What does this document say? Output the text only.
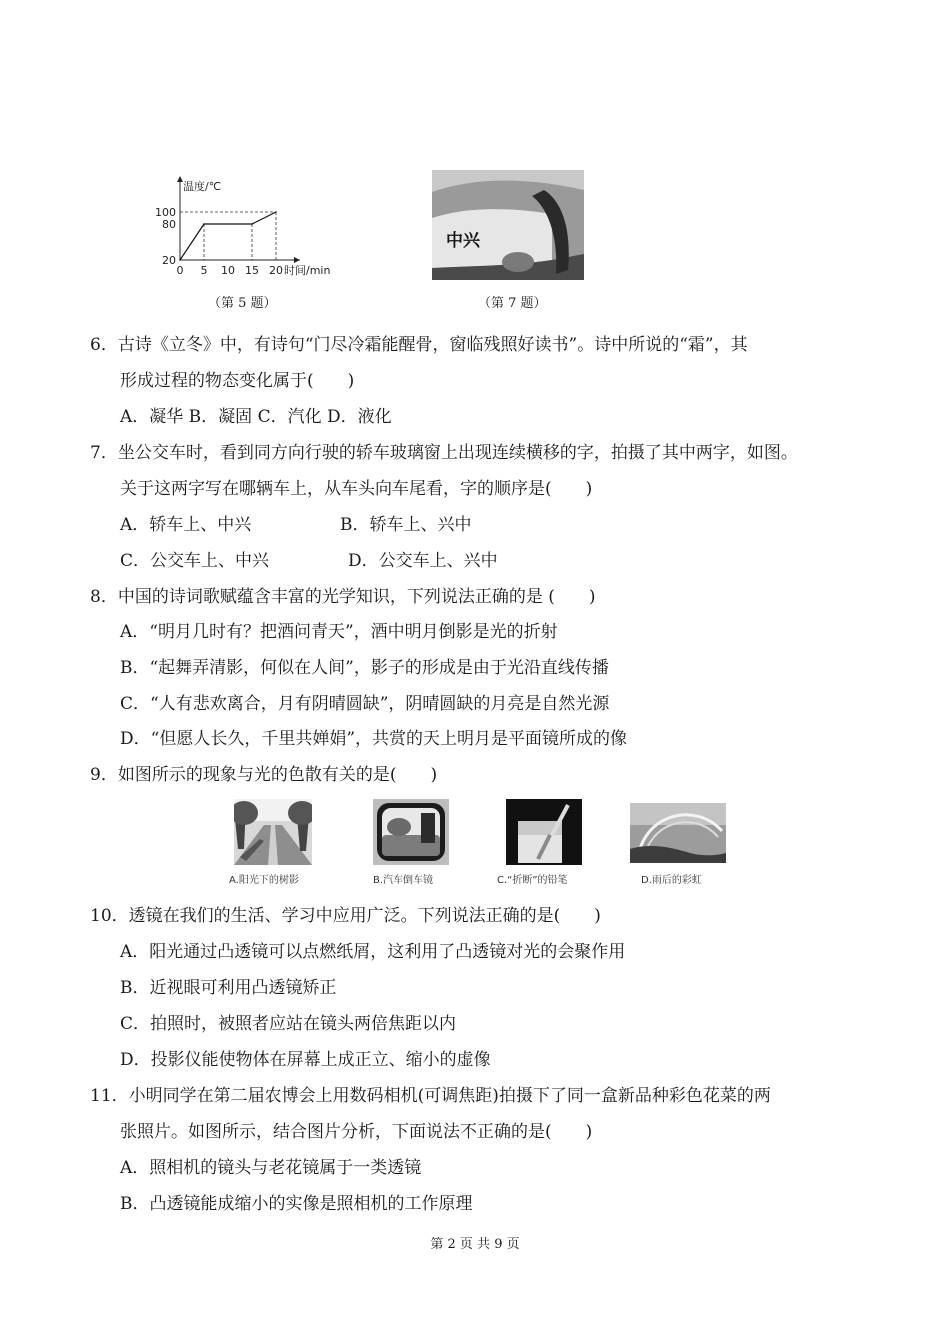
温度/℃
时间/min
0 5 10 15 20
20
80
100
（第 5 题）
中兴
（第 7 题）
6．古诗《立冬》中，有诗句“门尽冷霜能醒骨，窗临残照好读书”。诗中所说的“霜”，其
形成过程的物态变化属于(　　)
A．凝华 B．凝固 C．汽化 D．液化
7．坐公交车时，看到同方向行驶的轿车玻璃窗上出现连续横移的字，拍摄了其中两字，如图。
关于这两字写在哪辆车上，从车头向车尾看，字的顺序是(　　)
A．轿车上、中兴	B．轿车上、兴中
C．公交车上、中兴	D．公交车上、兴中
8．中国的诗词歌赋蕴含丰富的光学知识，下列说法正确的是 (　　)
A．“明月几时有？把酒问青天”，酒中明月倒影是光的折射
B．“起舞弄清影，何似在人间”，影子的形成是由于光沿直线传播
C．“人有悲欢离合，月有阴晴圆缺”，阴晴圆缺的月亮是自然光源
D．“但愿人长久，千里共婵娟”，共赏的天上明月是平面镜所成的像
9．如图所示的现象与光的色散有关的是(　　)
A.阳光下的树影	B.汽车倒车镜	C.“折断”的铅笔	D.雨后的彩虹
10．透镜在我们的生活、学习中应用广泛。下列说法正确的是(　　)
A．阳光通过凸透镜可以点燃纸屑，这利用了凸透镜对光的会聚作用
B．近视眼可利用凸透镜矫正
C．拍照时，被照者应站在镜头两倍焦距以内
D．投影仪能使物体在屏幕上成正立、缩小的虚像
11．小明同学在第二届农博会上用数码相机(可调焦距)拍摄下了同一盒新品种彩色花菜的两
张照片。如图所示，结合图片分析，下面说法不正确的是(　　)
A．照相机的镜头与老花镜属于一类透镜
B．凸透镜能成缩小的实像是照相机的工作原理
第 2 页 共 9 页
